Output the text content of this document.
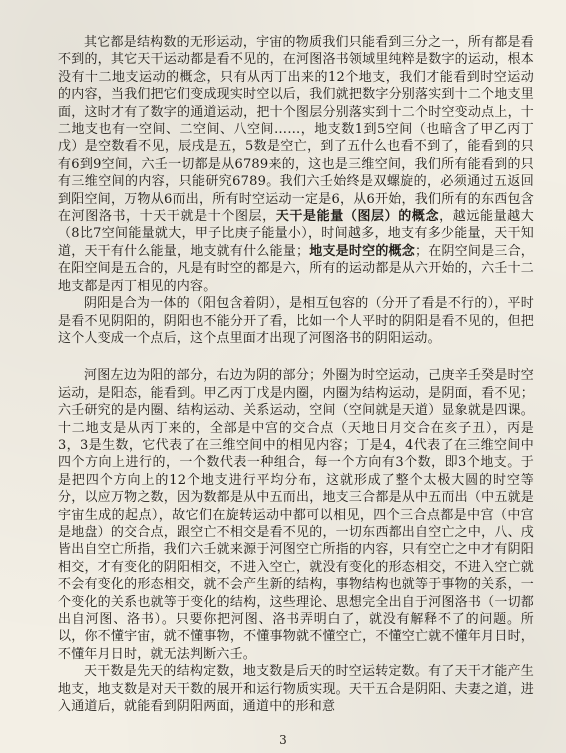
其它都是结构数的无形运动，宇宙的物质我们只能看到三分之一，所有都是看不到的，其它天干运动都是看不见的，在河图洛书领域里纯粹是数字的运动，根本没有十二地支运动的概念，只有从丙丁出来的12个地支，我们才能看到时空运动的内容，当我们把它们变成现实时空以后，我们就把数字分别落实到十二个地支里面，这时才有了数字的通道运动，把十个图层分别落实到十二个时空变动点上，十二地支也有一空间、二空间、八空间……，地支数1到5空间（也暗含了甲乙丙丁戊）是空数看不见，辰戌是五，5数是空亡，到了五什么也看不到了，能看到的只有6到9空间，六壬一切都是从6789来的，这也是三维空间，我们所有能看到的只有三维空间的内容，只能研究6789。我们六壬始终是双螺旋的，必须通过五返回到阳空间，万物从6而出，所有时空运动一定是6，从6开始，我们所有的东西包含在河图洛书，十天干就是十个图层，天干是能量（图层）的概念，越远能量越大（8比7空间能量就大，甲子比庚子能量小），时间越多，地支有多少能量，天干知道，天干有什么能量，地支就有什么能量；地支是时空的概念；在阴空间是三合，在阳空间是五合的，凡是有时空的都是六，所有的运动都是从六开始的，六壬十二地支都是丙丁相见的内容。

阴阳是合为一体的（阳包含着阴），是相互包容的（分开了看是不行的），平时是看不见阴阳的，阴阳也不能分开了看，比如一个人平时的阴阳是看不见的，但把这个人变成一个点后，这个点里面才出现了河图洛书的阴阳运动。

河图左边为阳的部分，右边为阴的部分；外圈为时空运动，己庚辛壬癸是时空运动，是阳态，能看到。甲乙丙丁戊是内圈，内圈为结构运动，是阴面，看不见；六壬研究的是内圈、结构运动、关系运动，空间（空间就是天道）显象就是四课。十二地支是从丙丁来的，全部是中宫的交合点（天地日月交合在亥子丑），丙是3，3是生数，它代表了在三维空间中的相见内容；丁是4，4代表了在三维空间中四个方向上进行的，一个数代表一种组合，每一个方向有3个数，即3个地支。于是把四个方向上的12个地支进行平均分布，这就形成了整个太极大圆的时空等分，以应万物之数，因为数都是从中五而出，地支三合都是从中五而出（中五就是宇宙生成的起点），故它们在旋转运动中都可以相见，四个三合点都是中宫（中宫是地盘）的交合点，跟空亡不相交是看不见的，一切东西都出自空亡之中，八、戌皆出自空亡所指，我们六壬就来源于河图空亡所指的内容，只有空亡之中才有阴阳相交，才有变化的阴阳相交，不进入空亡，就没有变化的形态相交，不进入空亡就不会有变化的形态相交，就不会产生新的结构，事物结构也就等于事物的关系，一个变化的关系也就等于变化的结构，这些理论、思想完全出自于河图洛书（一切都出自河图、洛书）。只要你把河图、洛书弄明白了，就没有解释不了的问题。所以，你不懂宇宙，就不懂事物，不懂事物就不懂空亡，不懂空亡就不懂年月日时，不懂年月日时，就无法判断六壬。

天干数是先天的结构定数，地支数是后天的时空运转定数。有了天干才能产生地支，地支数是对天干数的展开和运行物质实现。天干五合是阴阳、夫妻之道，进入通道后，就能看到阴阳两面，通道中的形和意

3
